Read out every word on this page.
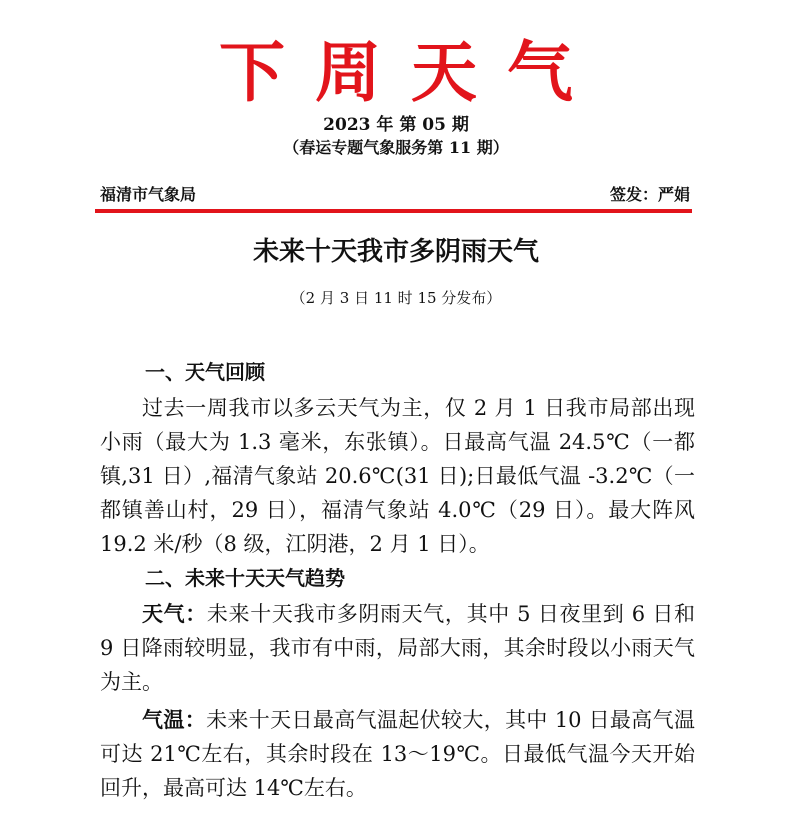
下周天气
2023 年 第 05 期
（春运专题气象服务第 11 期）
福清市气象局	签发：严娟
未来十天我市多阴雨天气
（2 月 3 日 11 时 15 分发布）
一、天气回顾

过去一周我市以多云天气为主，仅 2 月 1 日我市局部出现小雨（最大为 1.3 毫米，东张镇）。日最高气温 24.5℃（一都镇,31 日）,福清气象站 20.6℃(31 日);日最低气温 -3.2℃（一都镇善山村，29 日），福清气象站 4.0℃（29 日）。最大阵风 19.2 米/秒（8 级，江阴港，2 月 1 日）。

二、未来十天天气趋势

天气：未来十天我市多阴雨天气，其中 5 日夜里到 6 日和 9 日降雨较明显，我市有中雨，局部大雨，其余时段以小雨天气为主。

气温：未来十天日最高气温起伏较大，其中 10 日最高气温可达 21℃左右，其余时段在 13～19℃。日最低气温今天开始回升，最高可达 14℃左右。
